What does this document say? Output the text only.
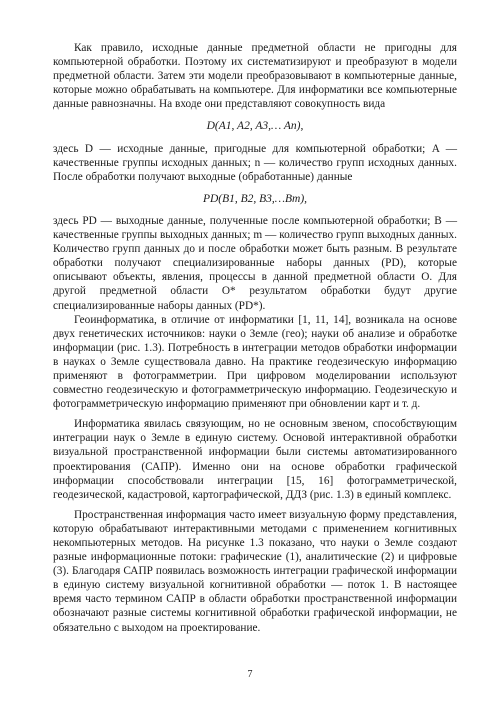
Как правило, исходные данные предметной области не пригодны для компьютерной обработки. Поэтому их систематизируют и преобразуют в модели предметной области. Затем эти модели преобразовывают в компьютерные данные, которые можно обрабатывать на компьютере. Для информатики все компьютерные данные равнозначны. На входе они представляют совокупность вида

D(A1, A2, A3,… An),

здесь D — исходные данные, пригодные для компьютерной обработки; A — качественные группы исходных данных; n — количество групп исходных данных. После обработки получают выходные (обработанные) данные

PD(B1, B2, B3,…Bm),

здесь PD — выходные данные, полученные после компьютерной обработки; B — качественные группы выходных данных; m — количество групп выходных данных. Количество групп данных до и после обработки может быть разным. В результате обработки получают специализированные наборы данных (PD), которые описывают объекты, явления, процессы в данной предметной области O. Для другой предметной области O* результатом обработки будут другие специализированные наборы данных (PD*).

Геоинформатика, в отличие от информатики [1, 11, 14], возникала на основе двух генетических источников: науки о Земле (гео); науки об анализе и обработке информации (рис. 1.3). Потребность в интеграции методов обработки информации в науках о Земле существовала давно. На практике геодезическую информацию применяют в фотограмметрии. При цифровом моделировании используют совместно геодезическую и фотограмметрическую информацию. Геодезическую и фотограмметрическую информацию применяют при обновлении карт и т. д.

Информатика явилась связующим, но не основным звеном, способствующим интеграции наук о Земле в единую систему. Основой интерактивной обработки визуальной пространственной информации были системы автоматизированного проектирования (САПР). Именно они на основе обработки графической информации способствовали интеграции [15, 16] фотограмметрической, геодезической, кадастровой, картографической, ДДЗ (рис. 1.3) в единый комплекс.

Пространственная информация часто имеет визуальную форму представления, которую обрабатывают интерактивными методами с применением когнитивных некомпьютерных методов. На рисунке 1.3 показано, что науки о Земле создают разные информационные потоки: графические (1), аналитические (2) и цифровые (3). Благодаря САПР появилась возможность интеграции графической информации в единую систему визуальной когнитивной обработки — поток 1. В настоящее время часто термином САПР в области обработки пространственной информации обозначают разные системы когнитивной обработки графической информации, не обязательно с выходом на проектирование.

7
